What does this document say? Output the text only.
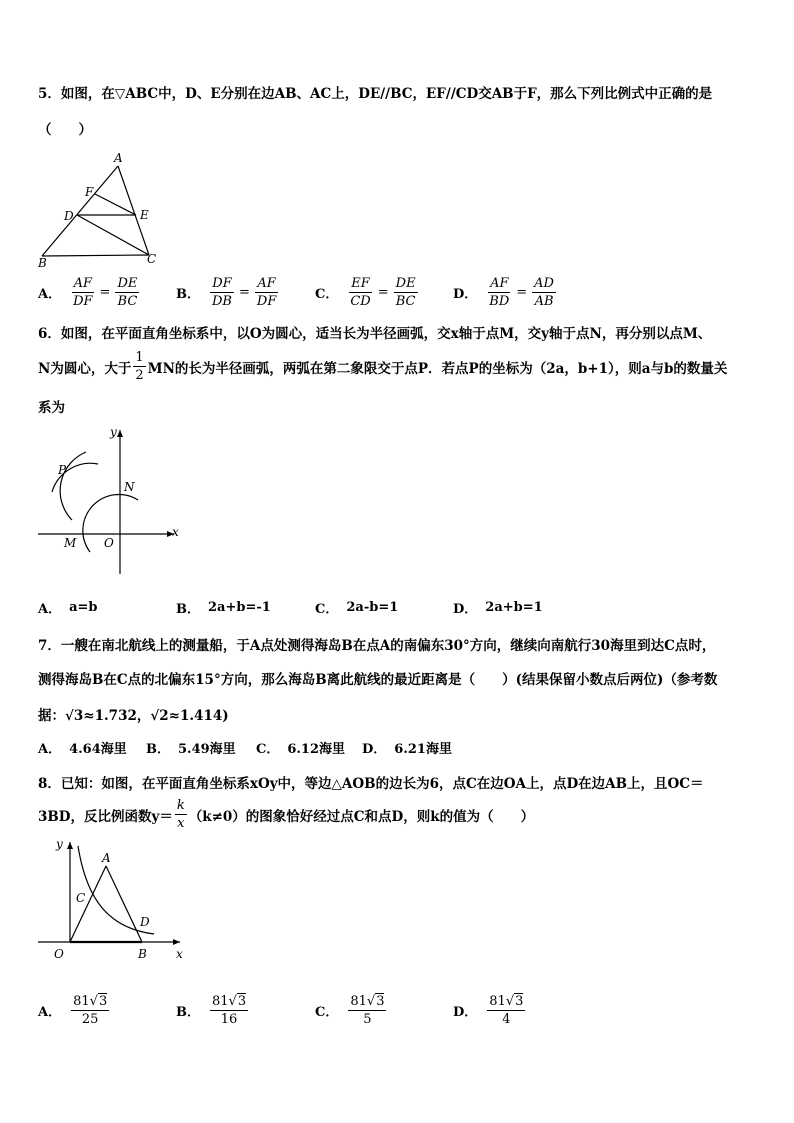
5．如图，在▽ABC中，D、E分别在边AB、AC上，DE//BC，EF//CD交AB于F，那么下列比例式中正确的是
（　　）
A
F
D	E
B	C
A． $\frac{AF}{DF} = \frac{DE}{BC}$	B． $\frac{DF}{DB} = \frac{AF}{DF}$	C． $\frac{EF}{CD} = \frac{DE}{BC}$	D． $\frac{AF}{BD} = \frac{AD}{AB}$
6．如图，在平面直角坐标系中，以O为圆心，适当长为半径画弧，交x轴于点M，交y轴于点N，再分别以点M、
N为圆心，大于 $\frac{1}{2}$ MN的长为半径画弧，两弧在第二象限交于点P．若点P的坐标为（2a，b+1），则a与b的数量关
系为
y
x
P
N
M O
A． a=b	B． 2a+b=-1	C． 2a-b=1	D． 2a+b=1
7．一艘在南北航线上的测量船，于A点处测得海岛B在点A的南偏东30°方向，继续向南航行30海里到达C点时，
测得海岛B在C点的北偏东15°方向，那么海岛B离此航线的最近距离是（　　）(结果保留小数点后两位)（参考数
据：√3≈1.732，√2≈1.414)
A． 4.64海里 B． 5.49海里 C． 6.12海里 D． 6.21海里
8．已知：如图，在平面直角坐标系xOy中，等边△AOB的边长为6，点C在边OA上，点D在边AB上，且OC＝
3BD，反比例函数$y= \frac{k}{x} (k\ne 0)$的图象恰好经过点C和点D，则k的值为（　　）
y
x
A
C
D
O	B
A． $\frac{81√3}{25}$	B． $\frac{81√3}{16}$	C． $\frac{81√3}{5}$	D． $\frac{81√3}{4}$
